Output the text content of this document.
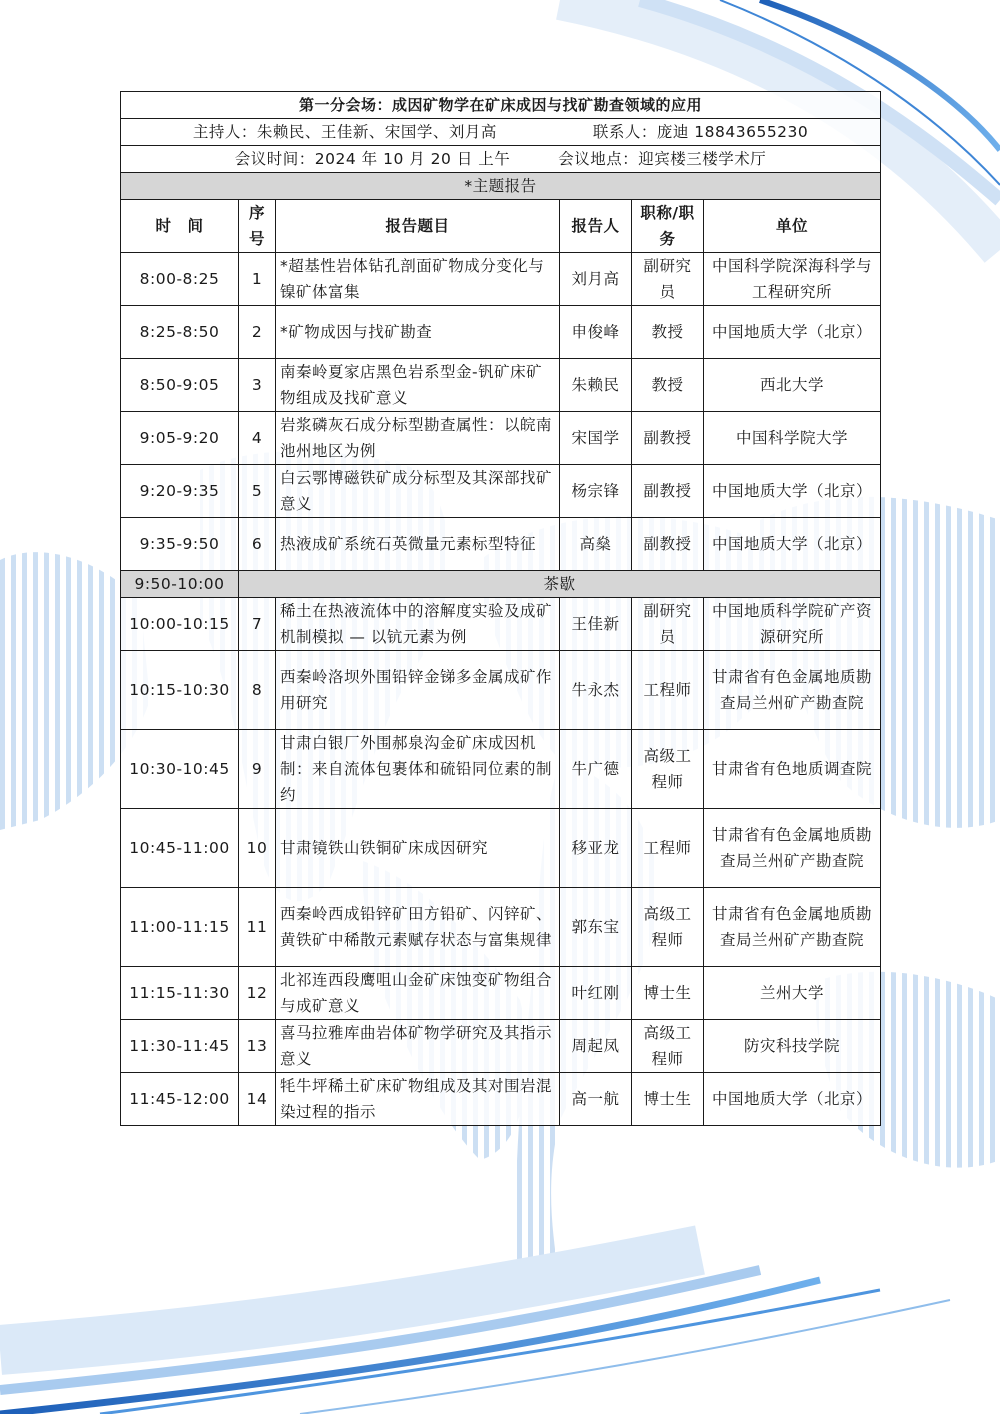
第一分会场：成因矿物学在矿床成因与找矿勘查领域的应用					
主持人：朱赖民、王佳新、宋国学、刘月高 联系人：庞迪 18843655230					
会议时间：2024 年 10 月 20 日 上午 会议地点：迎宾楼三楼学术厅					
*主题报告					
时　间	序号	报告题目	报告人	职称/职务	单位
8:00-8:25	1	*超基性岩体钻孔剖面矿物成分变化与镍矿体富集	刘月高	副研究员	中国科学院深海科学与工程研究所
8:25-8:50	2	*矿物成因与找矿勘查	申俊峰	教授	中国地质大学（北京）
8:50-9:05	3	南秦岭夏家店黑色岩系型金-钒矿床矿物组成及找矿意义	朱赖民	教授	西北大学
9:05-9:20	4	岩浆磷灰石成分标型勘查属性：以皖南池州地区为例	宋国学	副教授	中国科学院大学
9:20-9:35	5	白云鄂博磁铁矿成分标型及其深部找矿意义	杨宗锋	副教授	中国地质大学（北京）
9:35-9:50	6	热液成矿系统石英微量元素标型特征	高燊	副教授	中国地质大学（北京）
9:50-10:00	茶歇				
10:00-10:15	7	稀土在热液流体中的溶解度实验及成矿机制模拟 — 以钪元素为例	王佳新	副研究员	中国地质科学院矿产资源研究所
10:15-10:30	8	西秦岭洛坝外围铅锌金锑多金属成矿作用研究	牛永杰	工程师	甘肃省有色金属地质勘查局兰州矿产勘查院
10:30-10:45	9	甘肃白银厂外围郝泉沟金矿床成因机制：来自流体包裹体和硫铅同位素的制约	牛广德	高级工程师	甘肃省有色地质调查院
10:45-11:00	10	甘肃镜铁山铁铜矿床成因研究	移亚龙	工程师	甘肃省有色金属地质勘查局兰州矿产勘查院
11:00-11:15	11	西秦岭西成铅锌矿田方铅矿、闪锌矿、黄铁矿中稀散元素赋存状态与富集规律	郭东宝	高级工程师	甘肃省有色金属地质勘查局兰州矿产勘查院
11:15-11:30	12	北祁连西段鹰咀山金矿床蚀变矿物组合与成矿意义	叶红刚	博士生	兰州大学
11:30-11:45	13	喜马拉雅库曲岩体矿物学研究及其指示意义	周起凤	高级工程师	防灾科技学院
11:45-12:00	14	牦牛坪稀土矿床矿物组成及其对围岩混染过程的指示	高一航	博士生	中国地质大学（北京）
